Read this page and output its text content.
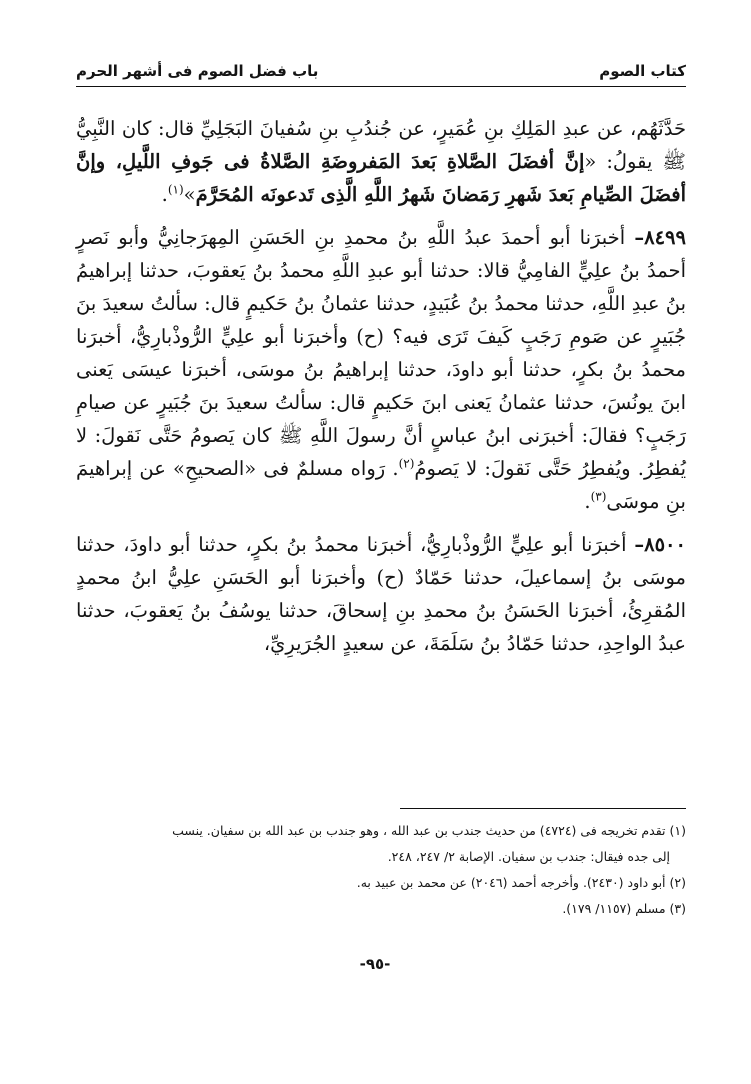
كتاب الصوم
باب فضل الصوم فى أشهر الحرم

حَدَّثَهُم، عن عبدِ المَلِكِ بنِ عُمَيرٍ، عن جُندُبِ بنِ سُفيانَ البَجَلِيِّ قال: كان النَّبِيُّ ﷺ يقولُ: «إنَّ أفضَلَ الصَّلاةِ بَعدَ المَفروضَةِ الصَّلاةُ فى جَوفِ اللَّيلِ، وإنَّ أفضَلَ الصِّيامِ بَعدَ شَهرِ رَمَضانَ شَهرُ اللَّهِ الَّذِى تَدعونَه المُحَرَّمَ»$^{(١)}$.

٨٤٩٩– أخبرَنا أبو أحمدَ عبدُ اللَّهِ بنُ محمدِ بنِ الحَسَنِ المِهرَجانِيُّ وأبو نَصرٍ أحمدُ بنُ علِيٍّ الفامِيُّ قالا: حدثنا أبو عبدِ اللَّهِ محمدُ بنُ يَعقوبَ، حدثنا إبراهيمُ بنُ عبدِ اللَّهِ، حدثنا محمدُ بنُ عُبَيدٍ، حدثنا عثمانُ بنُ حَكيمٍ قال: سألتُ سعيدَ بنَ جُبَيرٍ عن صَومِ رَجَبٍ كَيفَ تَرَى فيه؟ (ح) وأخبرَنا أبو علِيٍّ الرُّوذْبارِيُّ، أخبرَنا محمدُ بنُ بكرٍ، حدثنا أبو داودَ، حدثنا إبراهيمُ بنُ موسَى، أخبرَنا عيسَى يَعنى ابنَ يونُسَ، حدثنا عثمانُ يَعنى ابنَ حَكيمٍ قال: سألتُ سعيدَ بنَ جُبَيرٍ عن صيامِ رَجَبٍ؟ فقالَ: أخبرَنى ابنُ عباسٍ أنَّ رسولَ اللَّهِ ﷺ كان يَصومُ حَتَّى نَقولَ: لا يُفطِرُ. ويُفطِرُ حَتَّى نَقولَ: لا يَصومُ$^{(٢)}$. رَواه مسلمٌ فى «الصحيحِ» عن إبراهيمَ بنِ موسَى$^{(٣)}$.

٨٥٠٠– أخبرَنا أبو علِيٍّ الرُّوذْبارِيُّ، أخبرَنا محمدُ بنُ بكرٍ، حدثنا أبو داودَ، حدثنا موسَى بنُ إسماعيلَ، حدثنا حَمّادٌ (ح) وأخبرَنا أبو الحَسَنِ علِيُّ ابنُ محمدٍ المُقرِئُ، أخبرَنا الحَسَنُ بنُ محمدِ بنِ إسحاقَ، حدثنا يوسُفُ بنُ يَعقوبَ، حدثنا عبدُ الواحِدِ، حدثنا حَمّادُ بنُ سَلَمَةَ، عن سعيدٍ الجُرَيرِيِّ،

(١) تقدم تخريجه فى (٤٧٢٤) من حديث جندب بن عبد الله ، وهو جندب بن عبد الله بن سفيان. ينسب

إلى جده فيقال: جندب بن سفيان. الإصابة ٢/ ٢٤٧، ٢٤٨.

(٢) أبو داود (٢٤٣٠). وأخرجه أحمد (٢٠٤٦) عن محمد بن عبيد به.

(٣) مسلم (١١٥٧/ ١٧٩).

-٩٥-
